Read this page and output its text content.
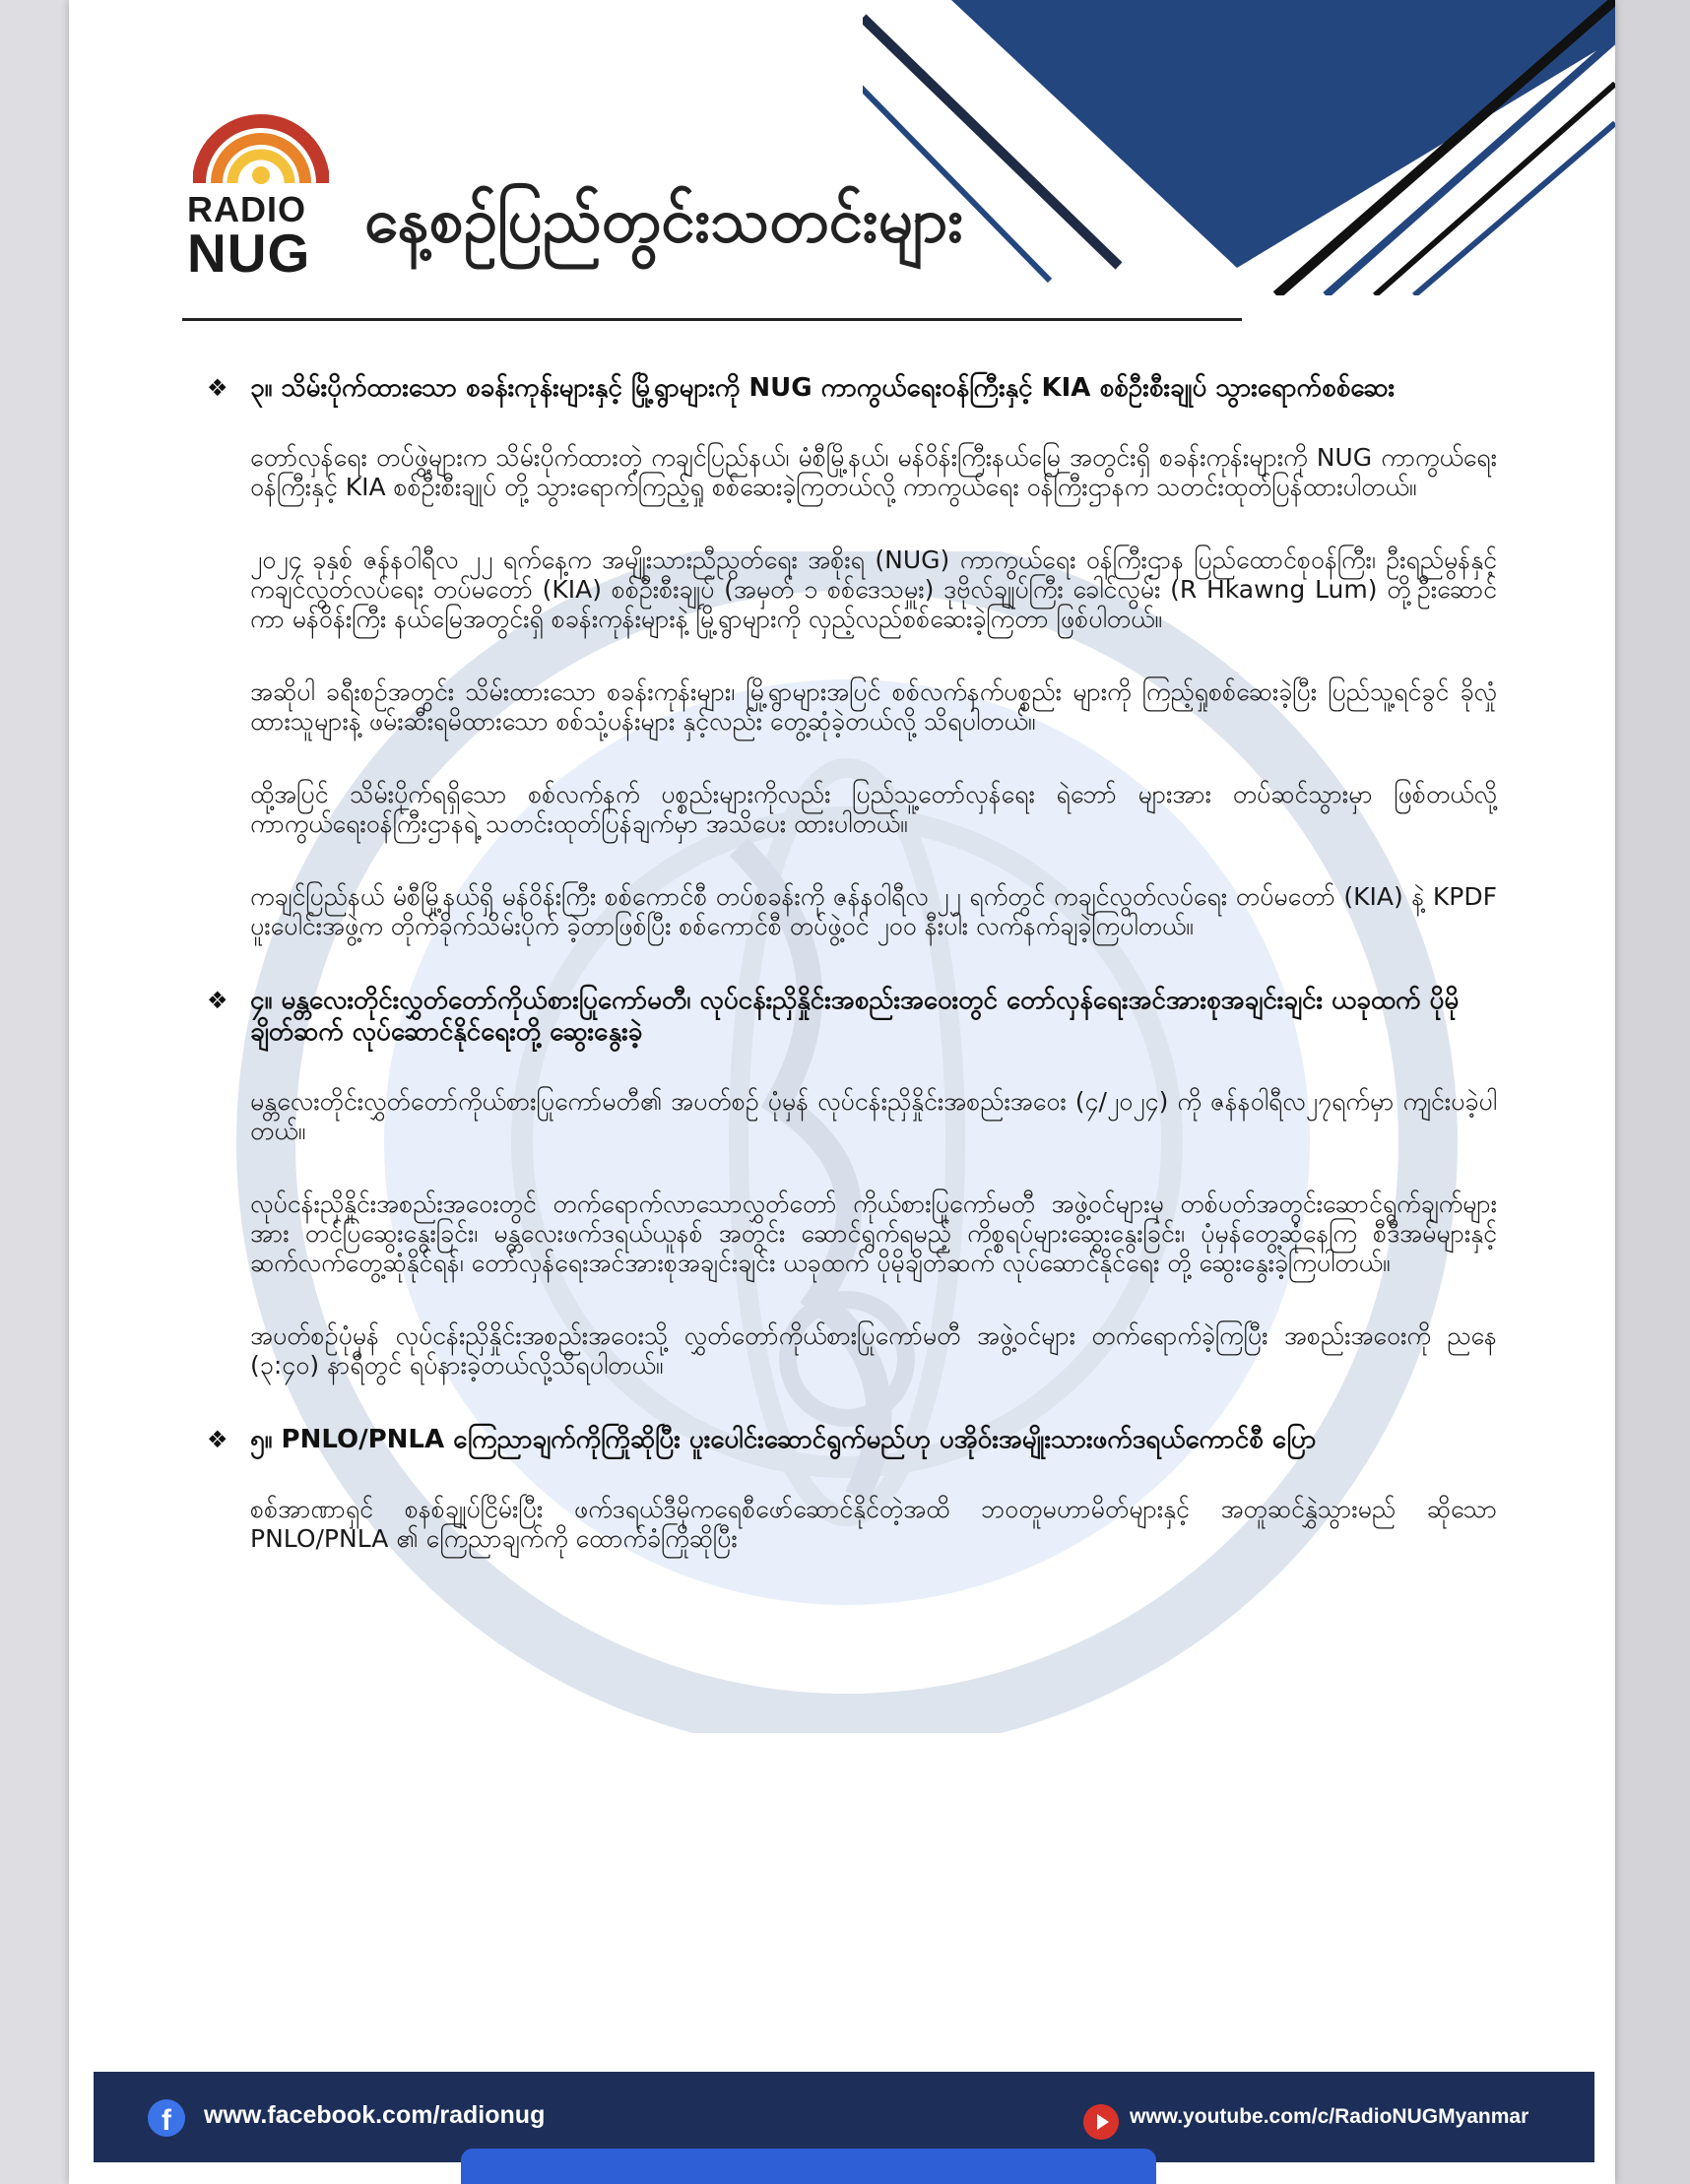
RADIO
NUG နေ့စဉ်ပြည်တွင်းသတင်းများ
❖ ၃။ သိမ်းပိုက်ထားသော စခန်းကုန်းများနှင့် မြို့ရွာများကို NUG ကာကွယ်ရေးဝန်ကြီးနှင့် KIA စစ်ဦးစီးချုပ် သွားရောက်စစ်ဆေး

တော်လှန်ရေး တပ်ဖွဲ့များက သိမ်းပိုက်ထားတဲ့ ကချင်ပြည်နယ်၊ မံစီမြို့နယ်၊ မန်ဝိန်းကြီးနယ်မြေ အတွင်းရှိ စခန်းကုန်းများကို NUG ကာကွယ်ရေးဝန်ကြီးနှင့် KIA စစ်ဦးစီးချုပ် တို့ သွားရောက်ကြည့်ရှု စစ်ဆေးခဲ့ကြတယ်လို့ ကာကွယ်ရေး ဝန်ကြီးဌာနက သတင်းထုတ်ပြန်ထားပါတယ်။

၂၀၂၄ ခုနှစ် ဇန်နဝါရီလ ၂၂ ရက်နေ့က အမျိုးသားညီညွတ်ရေး အစိုးရ (NUG) ကာကွယ်ရေး ဝန်ကြီးဌာန ပြည်ထောင်စုဝန်ကြီး၊ ဦးရည်မွန်နှင့် ကချင်လွတ်လပ်ရေး တပ်မတော် (KIA) စစ်ဦးစီးချုပ် (အမှတ် ၁ စစ်ဒေသမှူး) ဒုဗိုလ်ချုပ်ကြီး ခေါင်လွမ်း (R Hkawng Lum) တို့ဦးဆောင်ကာ မန်ဝိန်းကြီး နယ်မြေအတွင်းရှိ စခန်းကုန်းများနဲ့ မြို့ရွာများကို လှည့်လည်စစ်ဆေးခဲ့ကြတာ ဖြစ်ပါတယ်။

အဆိုပါ ခရီးစဉ်အတွင်း သိမ်းထားသော စခန်းကုန်းများ၊ မြို့ရွာများအပြင် စစ်လက်နက်ပစ္စည်း များကို ကြည့်ရှုစစ်ဆေးခဲ့ပြီး ပြည်သူ့ရင်ခွင် ခိုလှုံထားသူများနဲ့ ဖမ်းဆီးရမိထားသော စစ်သုံ့ပန်းများ နှင့်လည်း တွေ့ဆုံခဲ့တယ်လို့ သိရပါတယ်။

ထို့အပြင် သိမ်းပိုက်ရရှိသော စစ်လက်နက် ပစ္စည်းများကိုလည်း ပြည်သူ့တော်လှန်ရေး ရဲဘော် များအား တပ်ဆင်သွားမှာ ဖြစ်တယ်လို့ ကာကွယ်ရေးဝန်ကြီးဌာနရဲ့ သတင်းထုတ်ပြန်ချက်မှာ အသိပေး ထားပါတယ်။

ကချင်ပြည်နယ် မံစီမြို့နယ်ရှိ မန်ဝိန်းကြီး စစ်ကောင်စီ တပ်စခန်းကို ဇန်နဝါရီလ ၂၂ ရက်တွင် ကချင်လွတ်လပ်ရေး တပ်မတော် (KIA) နဲ့ KPDF ပူးပေါင်းအဖွဲ့က တိုက်ခိုက်သိမ်းပိုက် ခဲ့တာဖြစ်ပြီး စစ်ကောင်စီ တပ်ဖွဲ့ဝင် ၂၀၀ နီးပါး လက်နက်ချခဲ့ကြပါတယ်။

❖ ၄။ မန္တလေးတိုင်းလွှတ်တော်ကိုယ်စားပြုကော်မတီ၊ လုပ်ငန်းညှိနှိုင်းအစည်းအဝေးတွင် တော်လှန်ရေးအင်အားစုအချင်းချင်း ယခုထက် ပိုမိုချိတ်ဆက် လုပ်ဆောင်နိုင်ရေးတို့ ဆွေးနွေးခဲ့

မန္တလေးတိုင်းလွှတ်တော်ကိုယ်စားပြုကော်မတီ၏ အပတ်စဉ် ပုံမှန် လုပ်ငန်းညှိနှိုင်းအစည်းအဝေး (၄/၂၀၂၄) ကို ဇန်နဝါရီလ၂၇ရက်မှာ ကျင်းပခဲ့ပါတယ်။

လုပ်ငန်းညှိနှိုင်းအစည်းအဝေးတွင် တက်ရောက်လာသောလွှတ်တော် ကိုယ်စားပြုကော်မတီ အဖွဲ့ဝင်များမှ တစ်ပတ်အတွင်းဆောင်ရွက်ချက်များအား တင်ပြဆွေးနွေးခြင်း၊ မန္တလေးဖက်ဒရယ်ယူနစ် အတွင်း ဆောင်ရွက်ရမည့် ကိစ္စရပ်များဆွေးနွေးခြင်း၊ ပုံမှန်တွေ့ဆုံနေကြ စီဒီအမ်များနှင့် ဆက်လက်တွေ့ဆုံနိုင်ရန်၊ တော်လှန်ရေးအင်အားစုအချင်းချင်း ယခုထက် ပိုမိုချိတ်ဆက် လုပ်ဆောင်နိုင်ရေး တို့ ဆွေးနွေးခဲ့ကြပါတယ်။

အပတ်စဉ်ပုံမှန် လုပ်ငန်းညှိနှိုင်းအစည်းအဝေးသို့ လွှတ်တော်ကိုယ်စားပြုကော်မတီ အဖွဲ့ဝင်များ တက်ရောက်ခဲ့ကြပြီး အစည်းအဝေးကို ညနေ (၃:၄၀) နာရီတွင် ရပ်နားခဲ့တယ်လို့သိရပါတယ်။

❖ ၅။ PNLO/PNLA ကြေညာချက်ကိုကြိုဆိုပြီး ပူးပေါင်းဆောင်ရွက်မည်ဟု ပအိုဝ်းအမျိုးသားဖက်ဒရယ်ကောင်စီ ပြော

စစ်အာဏာရှင် စနစ်ချုပ်ငြိမ်းပြီး ဖက်ဒရယ်ဒီမိုကရေစီဖော်ဆောင်နိုင်တဲ့အထိ ဘဝတူမဟာမိတ်များနှင့် အတူဆင်နွှဲသွားမည် ဆိုသော PNLO/PNLA ၏ ကြေညာချက်ကို ထောက်ခံကြိုဆိုပြီး

f	www.facebook.com/radionug	www.youtube.com/c/RadioNUGMyanmar
